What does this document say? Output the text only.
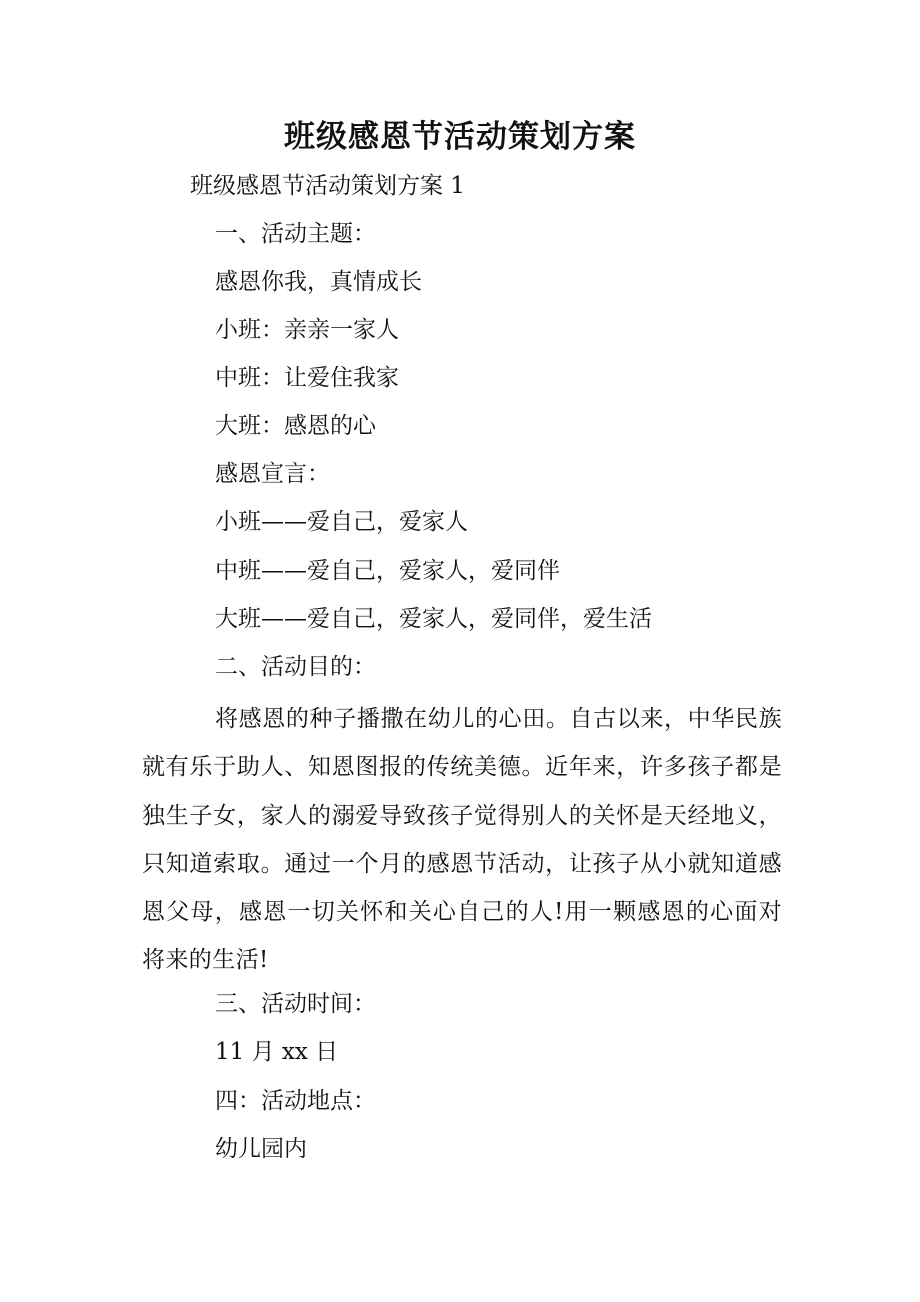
班级感恩节活动策划方案

班级感恩节活动策划方案 1

一、活动主题：

感恩你我，真情成长

小班：亲亲一家人

中班：让爱住我家

大班：感恩的心

感恩宣言：

小班——爱自己，爱家人

中班——爱自己，爱家人，爱同伴

大班——爱自己，爱家人，爱同伴，爱生活

二、活动目的：

将感恩的种子播撒在幼儿的心田。自古以来，中华民族就有乐于助人、知恩图报的传统美德。近年来，许多孩子都是独生子女，家人的溺爱导致孩子觉得别人的关怀是天经地义，只知道索取。通过一个月的感恩节活动，让孩子从小就知道感恩父母，感恩一切关怀和关心自己的人!用一颗感恩的心面对将来的生活!

三、活动时间：

11 月 xx 日

四：活动地点：

幼儿园内
